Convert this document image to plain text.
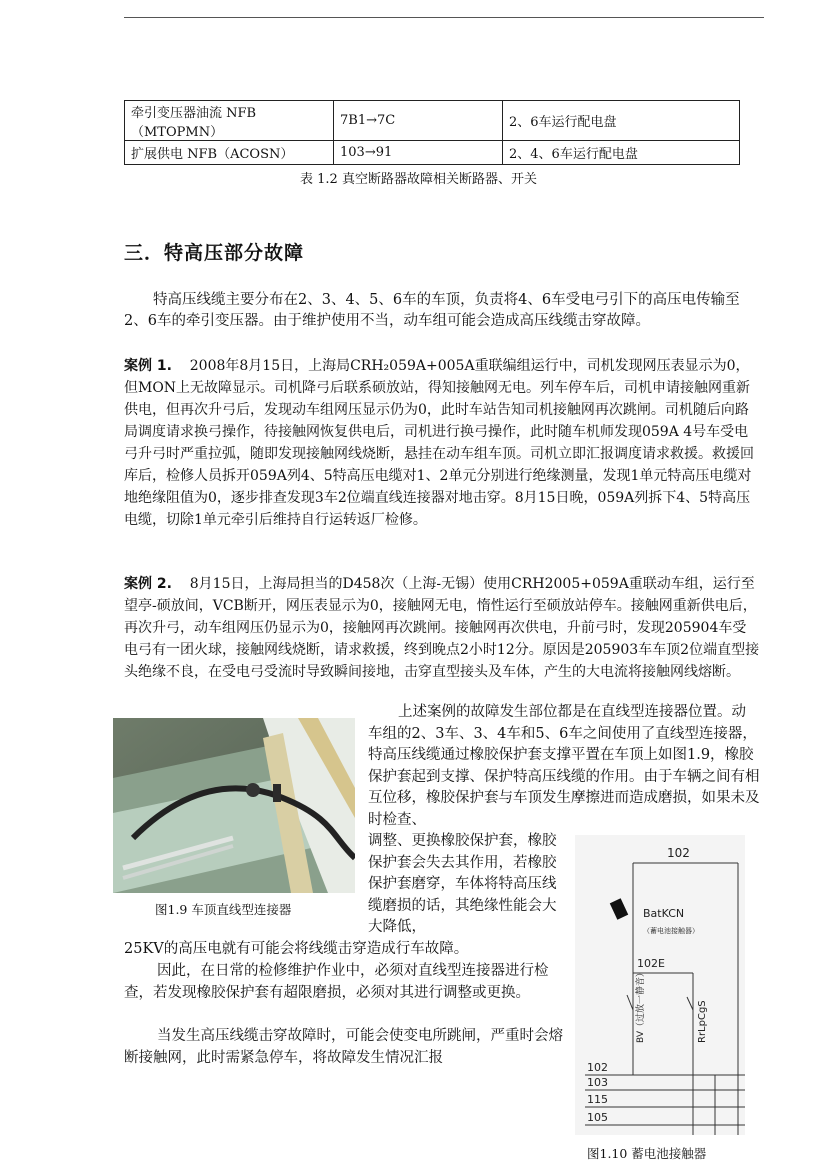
牵引变压器油流 NFB
（MTOPMN）	7B1→7C	2、6车运行配电盘
扩展供电 NFB（ACOSN）	103→91	2、4、6车运行配电盘
表 1.2 真空断路器故障相关断路器、开关
三．特高压部分故障

特高压线缆主要分布在2、3、4、5、6车的车顶，负责将4、6车受电弓引下的高压电传输至2、6车的牵引变压器。由于维护使用不当，动车组可能会造成高压线缆击穿故障。

案例 1. 2008年8月15日，上海局CRH₂059A+005A重联编组运行中，司机发现网压表显示为0，但MON上无故障显示。司机降弓后联系硕放站，得知接触网无电。列车停车后，司机申请接触网重新供电，但再次升弓后，发现动车组网压显示仍为0，此时车站告知司机接触网再次跳闸。司机随后向路局调度请求换弓操作，待接触网恢复供电后，司机进行换弓操作，此时随车机师发现059A 4号车受电弓升弓时严重拉弧，随即发现接触网线烧断，悬挂在动车组车顶。司机立即汇报调度请求救援。救援回库后，检修人员拆开059A列4、5特高压电缆对1、2单元分别进行绝缘测量，发现1单元特高压电缆对地绝缘阻值为0，逐步排查发现3车2位端直线连接器对地击穿。8月15日晚，059A列拆下4、5特高压电缆，切除1单元牵引后维持自行运转返厂检修。

案例 2. 8月15日，上海局担当的D458次（上海-无锡）使用CRH2005+059A重联动车组，运行至望亭-硕放间，VCB断开，网压表显示为0，接触网无电，惰性运行至硕放站停车。接触网重新供电后，再次升弓，动车组网压仍显示为0，接触网再次跳闸。接触网再次供电，升前弓时，发现205904车受电弓有一团火球，接触网线烧断，请求救援，终到晚点2小时12分。原因是205903车车顶2位端直型接头绝缘不良，在受电弓受流时导致瞬间接地，击穿直型接头及车体，产生的大电流将接触网线熔断。

图1.9 车顶直线型连接器

上述案例的故障发生部位都是在直线型连接器位置。动车组的2、3车、3、4车和5、6车之间使用了直线型连接器，特高压线缆通过橡胶保护套支撑平置在车顶上如图1.9，橡胶保护套起到支撑、保护特高压线缆的作用。由于车辆之间有相互位移，橡胶保护套与车顶发生摩擦进而造成磨损，如果未及时检查、

调整、更换橡胶保护套，橡胶保护套会失去其作用，若橡胶保护套磨穿，车体将特高压线缆磨损的话，其绝缘性能会大大降低，

25KV的高压电就有可能会将线缆击穿造成行车故障。

因此，在日常的检修维护作业中，必须对直线型连接器进行检查，若发现橡胶保护套有超限磨损，必须对其进行调整或更换。

当发生高压线缆击穿故障时，可能会使变电所跳闸，严重时会熔断接触网，此时需紧急停车，将故障发生情况汇报

102
BatKCN
（蓄电池接触器）
102E
BV（过放一静音）	RrLpCgS
102
103
115
105
图1.10 蓄电池接触器
